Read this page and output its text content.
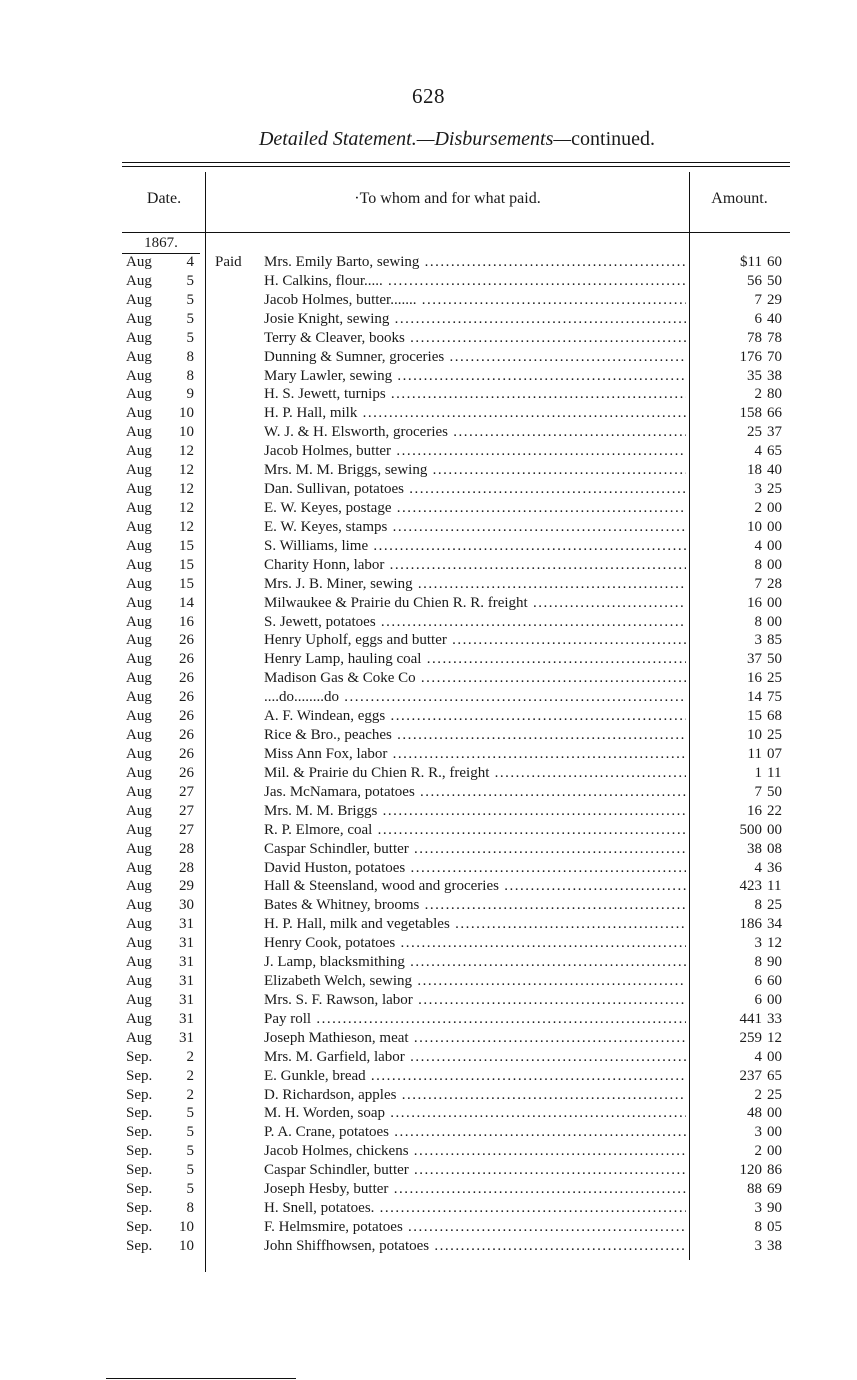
628
Detailed Statement.—Disbursements—continued.
Date.	·To whom and for what paid.	Amount.
1867.
Aug	4 Paid Mrs. Emily Barto, sewing .....	$11 60
Aug	5	H. Calkins, flour..... .....	56 50
Aug	5	Jacob Holmes, butter....... .....	7 29
Aug	5	Josie Knight, sewing .....	6 40
Aug	5	Terry & Cleaver, books .....	78 78
Aug	8	Dunning & Sumner, groceries .....	176 70
Aug	8	Mary Lawler, sewing .....	35 38
Aug	9	H. S. Jewett, turnips .....	2 80
Aug	10	H. P. Hall, milk .....	158 66
Aug	10	W. J. & H. Elsworth, groceries .....	25 37
Aug	12	Jacob Holmes, butter .....	4 65
Aug	12	Mrs. M. M. Briggs, sewing .....	18 40
Aug	12	Dan. Sullivan, potatoes .....	3 25
Aug	12	E. W. Keyes, postage .....	2 00
Aug	12	E. W. Keyes, stamps .....	10 00
Aug	15	S. Williams, lime .....	4 00
Aug	15	Charity Honn, labor .....	8 00
Aug	15	Mrs. J. B. Miner, sewing .....	7 28
Aug	14	Milwaukee & Prairie du Chien R. R. freight .....	16 00
Aug	16	S. Jewett, potatoes .....	8 00
Aug	26	Henry Upholf, eggs and butter .....	3 85
Aug	26	Henry Lamp, hauling coal .....	37 50
Aug	26	Madison Gas & Coke Co .....	16 25
Aug	26	....do........do .....	14 75
Aug	26	A. F. Windean, eggs .....	15 68
Aug	26	Rice & Bro., peaches .....	10 25
Aug	26	Miss Ann Fox, labor .....	11 07
Aug	26	Mil. & Prairie du Chien R. R., freight .....	1 11
Aug	27	Jas. McNamara, potatoes .....	7 50
Aug	27	Mrs. M. M. Briggs .....	16 22
Aug	27	R. P. Elmore, coal .....	500 00
Aug	28	Caspar Schindler, butter .....	38 08
Aug	28	David Huston, potatoes .....	4 36
Aug	29	Hall & Steensland, wood and groceries .....	423 11
Aug	30	Bates & Whitney, brooms .....	8 25
Aug	31	H. P. Hall, milk and vegetables .....	186 34
Aug	31	Henry Cook, potatoes .....	3 12
Aug	31	J. Lamp, blacksmithing .....	8 90
Aug	31	Elizabeth Welch, sewing .....	6 60
Aug	31	Mrs. S. F. Rawson, labor .....	6 00
Aug	31	Pay roll .....	441 33
Aug	31	Joseph Mathieson, meat .....	259 12
Sep.	2	Mrs. M. Garfield, labor .....	4 00
Sep.	2	E. Gunkle, bread .....	237 65
Sep.	2	D. Richardson, apples .....	2 25
Sep.	5	M. H. Worden, soap .....	48 00
Sep.	5	P. A. Crane, potatoes .....	3 00
Sep.	5	Jacob Holmes, chickens .....	2 00
Sep.	5	Caspar Schindler, butter .....	120 86
Sep.	5	Joseph Hesby, butter .....	88 69
Sep.	8	H. Snell, potatoes. .....	3 90
Sep.	10	F. Helmsmire, potatoes .....	8 05
Sep.	10	John Shiffhowsen, potatoes .....	3 38
